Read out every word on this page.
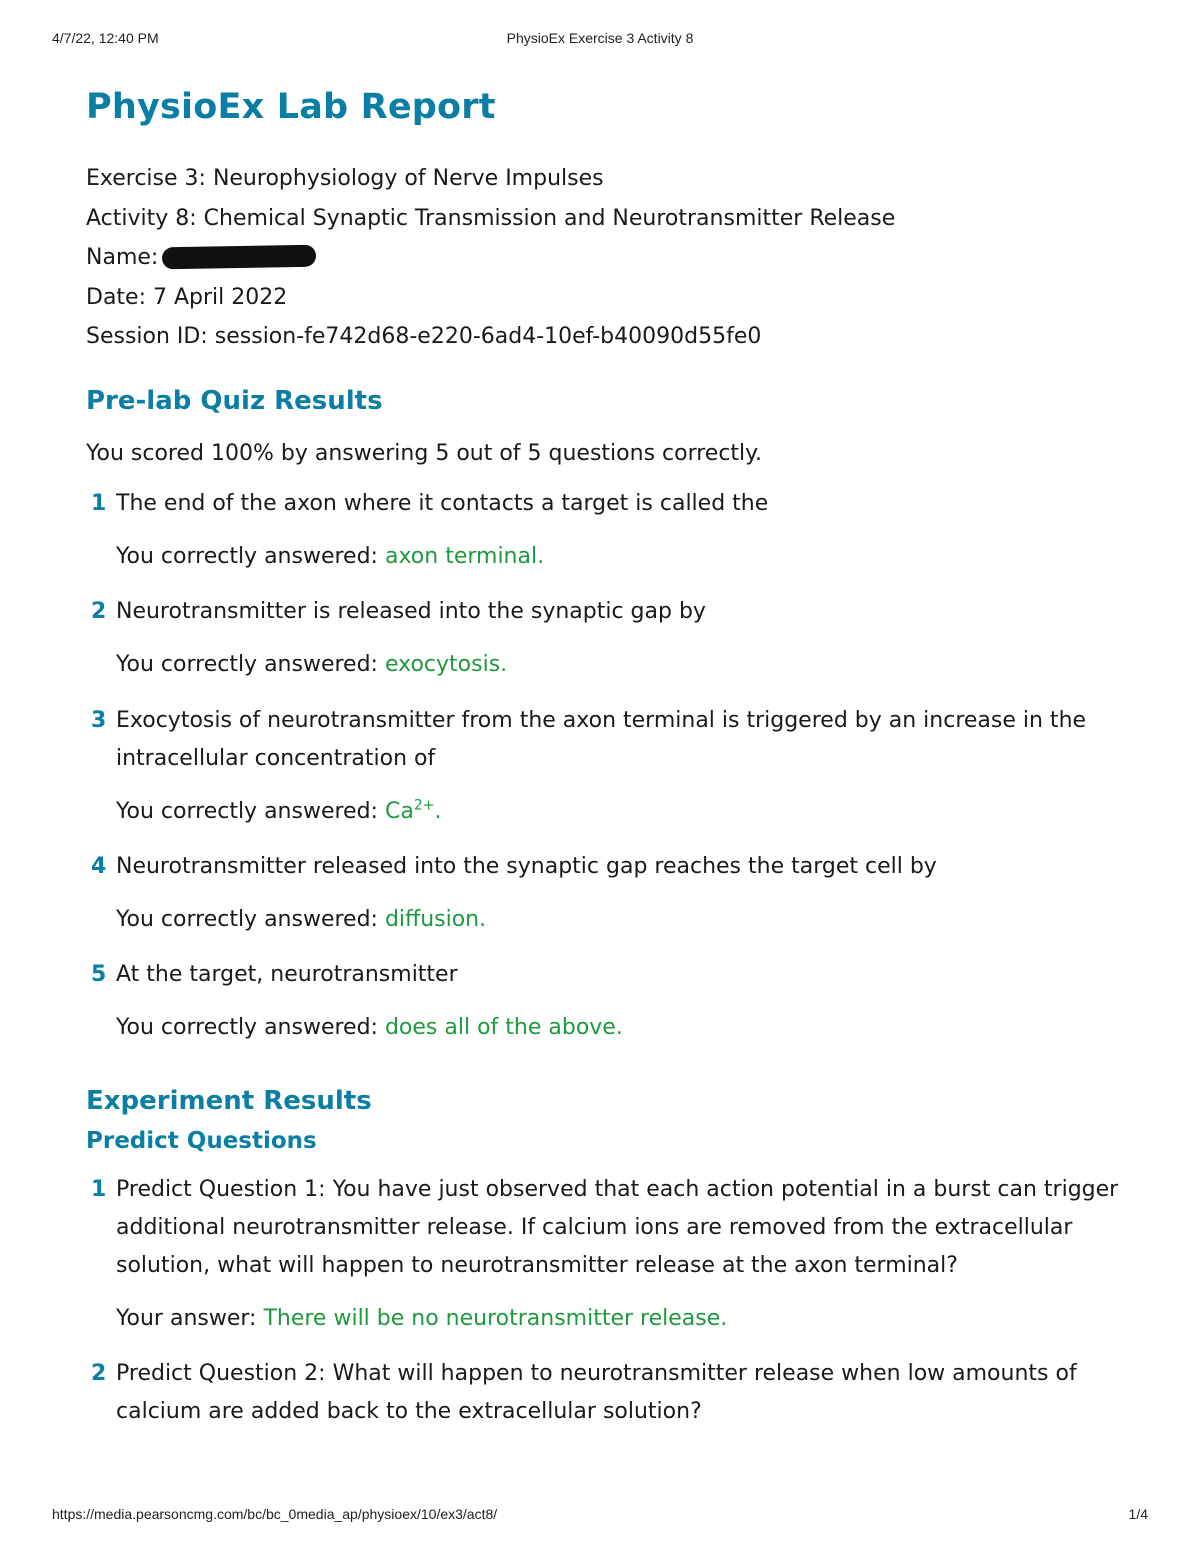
4/7/22, 12:40 PM	PhysioEx Exercise 3 Activity 8
PhysioEx Lab Report

Exercise 3: Neurophysiology of Nerve Impulses

Activity 8: Chemical Synaptic Transmission and Neurotransmitter Release

Name:

Date: 7 April 2022

Session ID: session-fe742d68-e220-6ad4-10ef-b40090d55fe0

Pre-lab Quiz Results

You scored 100% by answering 5 out of 5 questions correctly.

1 The end of the axon where it contacts a target is called the

You correctly answered: axon terminal.

2 Neurotransmitter is released into the synaptic gap by

You correctly answered: exocytosis.

3 Exocytosis of neurotransmitter from the axon terminal is triggered by an increase in the intracellular concentration of

You correctly answered: $Ca^{2+}$.

4 Neurotransmitter released into the synaptic gap reaches the target cell by

You correctly answered: diffusion.

5 At the target, neurotransmitter

You correctly answered: does all of the above.

Experiment Results
Predict Questions
1 Predict Question 1: You have just observed that each action potential in a burst can trigger additional neurotransmitter release. If calcium ions are removed from the extracellular solution, what will happen to neurotransmitter release at the axon terminal?

Your answer: There will be no neurotransmitter release.

2 Predict Question 2: What will happen to neurotransmitter release when low amounts of calcium are added back to the extracellular solution?

https://media.pearsoncmg.com/bc/bc_0media_ap/physioex/10/ex3/act8/	1/4
